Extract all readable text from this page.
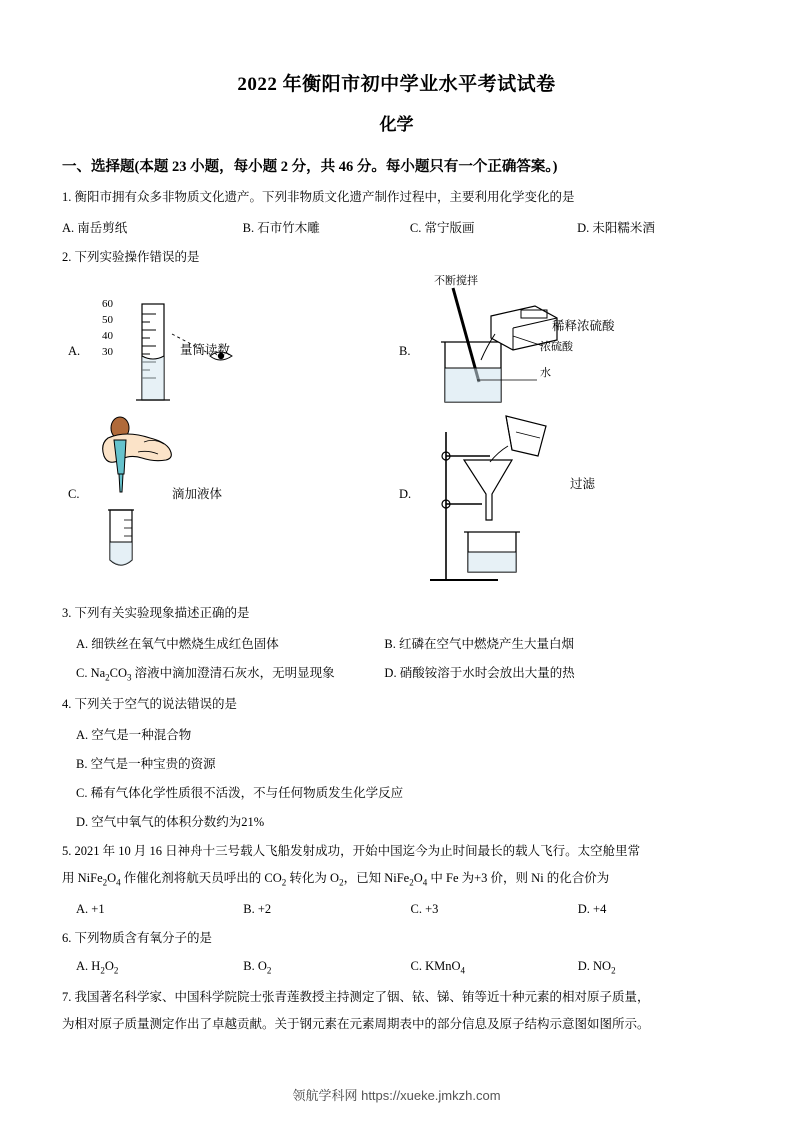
2022 年衡阳市初中学业水平考试试卷
化学
一、选择题(本题 23 小题，每小题 2 分，共 46 分。每小题只有一个正确答案。)
1. 衡阳市拥有众多非物质文化遗产。下列非物质文化遗产制作过程中，主要利用化学变化的是
A. 南岳剪纸	B. 石市竹木雕	C. 常宁版画	D. 未阳糯米酒
2. 下列实验操作错误的是
A.
60
50
40
30	量筒读数	B.
不断搅拌
浓硫酸
水
稀释浓硫酸
C.	滴加液体	D.
过滤
3. 下列有关实验现象描述正确的是
A. 细铁丝在氧气中燃烧生成红色固体	B. 红磷在空气中燃烧产生大量白烟
C. $Na_2CO_3$ 溶液中滴加澄清石灰水，无明显现象	D. 硝酸铵溶于水时会放出大量的热
4. 下列关于空气的说法错误的是
A. 空气是一种混合物
B. 空气是一种宝贵的资源
C. 稀有气体化学性质很不活泼，不与任何物质发生化学反应
D. 空气中氧气的体积分数约为21%
5. 2021 年 10 月 16 日神舟十三号载人飞船发射成功，开始中国迄今为止时间最长的载人飞行。太空舱里常
用 $NiFe_2O_4$ 作催化剂将航天员呼出的 $CO_2$ 转化为 $O_2$，已知 $NiFe_2O_4$ 中 Fe 为+3 价，则 Ni 的化合价为
A. +1	B. +2	C. +3	D. +4
6. 下列物质含有氧分子的是
A. $H_2O_2$	B. $O_2$	C. KMnO$_4$	D. $NO_2$
7. 我国著名科学家、中国科学院院士张青莲教授主持测定了铟、铱、锑、铕等近十种元素的相对原子质量，
为相对原子质量测定作出了卓越贡献。关于钢元素在元素周期表中的部分信息及原子结构示意图如图所示。
领航学科网 https://xueke.jmkzh.com
